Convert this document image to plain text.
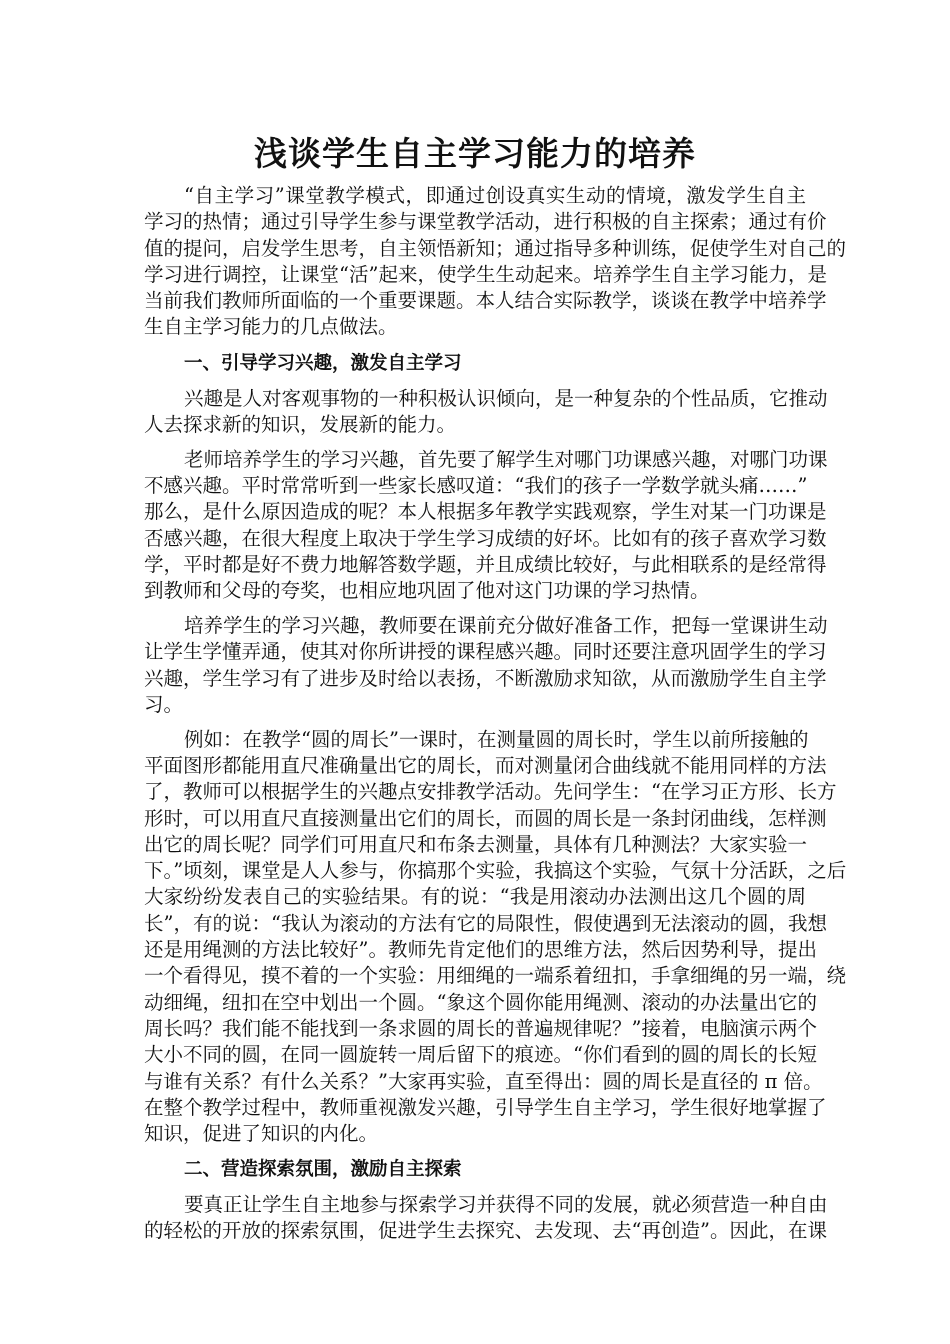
浅谈学生自主学习能力的培养
“自主学习”课堂教学模式，即通过创设真实生动的情境，激发学生自主
学习的热情；通过引导学生参与课堂教学活动，进行积极的自主探索；通过有价
值的提问，启发学生思考，自主领悟新知；通过指导多种训练，促使学生对自己的
学习进行调控，让课堂“活”起来，使学生生动起来。培养学生自主学习能力，是
当前我们教师所面临的一个重要课题。本人结合实际教学，谈谈在教学中培养学
生自主学习能力的几点做法。
一、引导学习兴趣，激发自主学习
兴趣是人对客观事物的一种积极认识倾向，是一种复杂的个性品质，它推动
人去探求新的知识，发展新的能力。
老师培养学生的学习兴趣，首先要了解学生对哪门功课感兴趣，对哪门功课
不感兴趣。平时常常听到一些家长感叹道：“我们的孩子一学数学就头痛……”
那么，是什么原因造成的呢？本人根据多年教学实践观察，学生对某一门功课是
否感兴趣，在很大程度上取决于学生学习成绩的好坏。比如有的孩子喜欢学习数
学，平时都是好不费力地解答数学题，并且成绩比较好，与此相联系的是经常得
到教师和父母的夸奖，也相应地巩固了他对这门功课的学习热情。
培养学生的学习兴趣，教师要在课前充分做好准备工作，把每一堂课讲生动
让学生学懂弄通，使其对你所讲授的课程感兴趣。同时还要注意巩固学生的学习
兴趣，学生学习有了进步及时给以表扬，不断激励求知欲，从而激励学生自主学
习。
例如：在教学“圆的周长”一课时，在测量圆的周长时，学生以前所接触的
平面图形都能用直尺准确量出它的周长，而对测量闭合曲线就不能用同样的方法
了，教师可以根据学生的兴趣点安排教学活动。先问学生：“在学习正方形、长方
形时，可以用直尺直接测量出它们的周长，而圆的周长是一条封闭曲线，怎样测
出它的周长呢？同学们可用直尺和布条去测量，具体有几种测法？大家实验一
下。”顷刻，课堂是人人参与，你搞那个实验，我搞这个实验，气氛十分活跃，之后
大家纷纷发表自己的实验结果。有的说：“我是用滚动办法测出这几个圆的周
长”，有的说：“我认为滚动的方法有它的局限性，假使遇到无法滚动的圆，我想
还是用绳测的方法比较好”。教师先肯定他们的思维方法，然后因势利导，提出
一个看得见，摸不着的一个实验：用细绳的一端系着纽扣，手拿细绳的另一端，绕
动细绳，纽扣在空中划出一个圆。“象这个圆你能用绳测、滚动的办法量出它的
周长吗？我们能不能找到一条求圆的周长的普遍规律呢？”接着，电脑演示两个
大小不同的圆，在同一圆旋转一周后留下的痕迹。“你们看到的圆的周长的长短
与谁有关系？有什么关系？”大家再实验，直至得出：圆的周长是直径的 π 倍。
在整个教学过程中，教师重视激发兴趣，引导学生自主学习，学生很好地掌握了
知识，促进了知识的内化。
二、营造探索氛围，激励自主探索
要真正让学生自主地参与探索学习并获得不同的发展，就必须营造一种自由
的轻松的开放的探索氛围，促进学生去探究、去发现、去“再创造”。因此，在课
